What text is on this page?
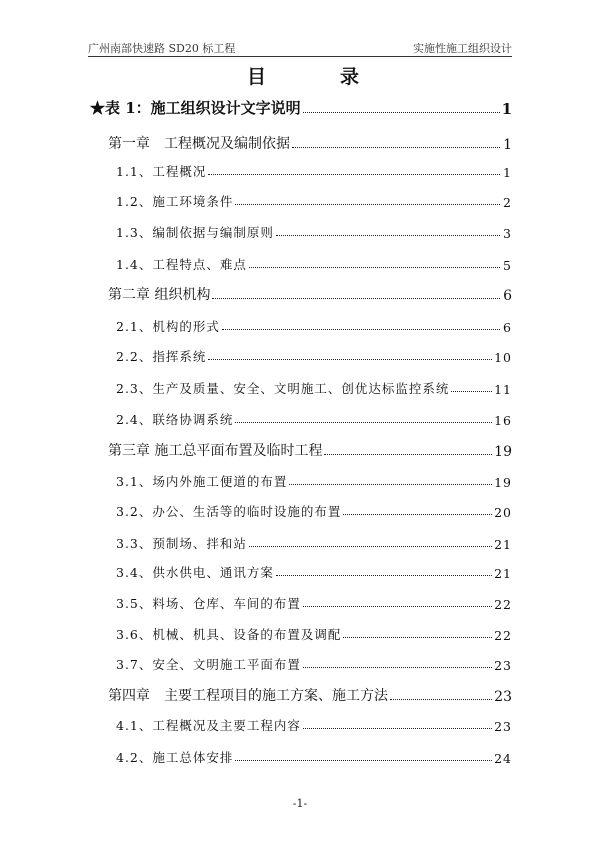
广州南部快速路 SD20 标工程	实施性施工组织设计
目	录
★表 1：施工组织设计文字说明	1
第一章　工程概况及编制依据	1
1.1、工程概况	1
1.2、施工环境条件	2
1.3、编制依据与编制原则	3
1.4、工程特点、难点	5
第二章 组织机构	6
2.1、机构的形式	6
2.2、指挥系统	10
2.3、生产及质量、安全、文明施工、创优达标监控系统	11
2.4、联络协调系统	16
第三章 施工总平面布置及临时工程	19
3.1、场内外施工便道的布置	19
3.2、办公、生活等的临时设施的布置	20
3.3、预制场、拌和站	21
3.4、供水供电、通讯方案	21
3.5、料场、仓库、车间的布置	22
3.6、机械、机具、设备的布置及调配	22
3.7、安全、文明施工平面布置	23
第四章　主要工程项目的施工方案、施工方法	23
4.1、工程概况及主要工程内容	23
4.2、施工总体安排	24
-1-
